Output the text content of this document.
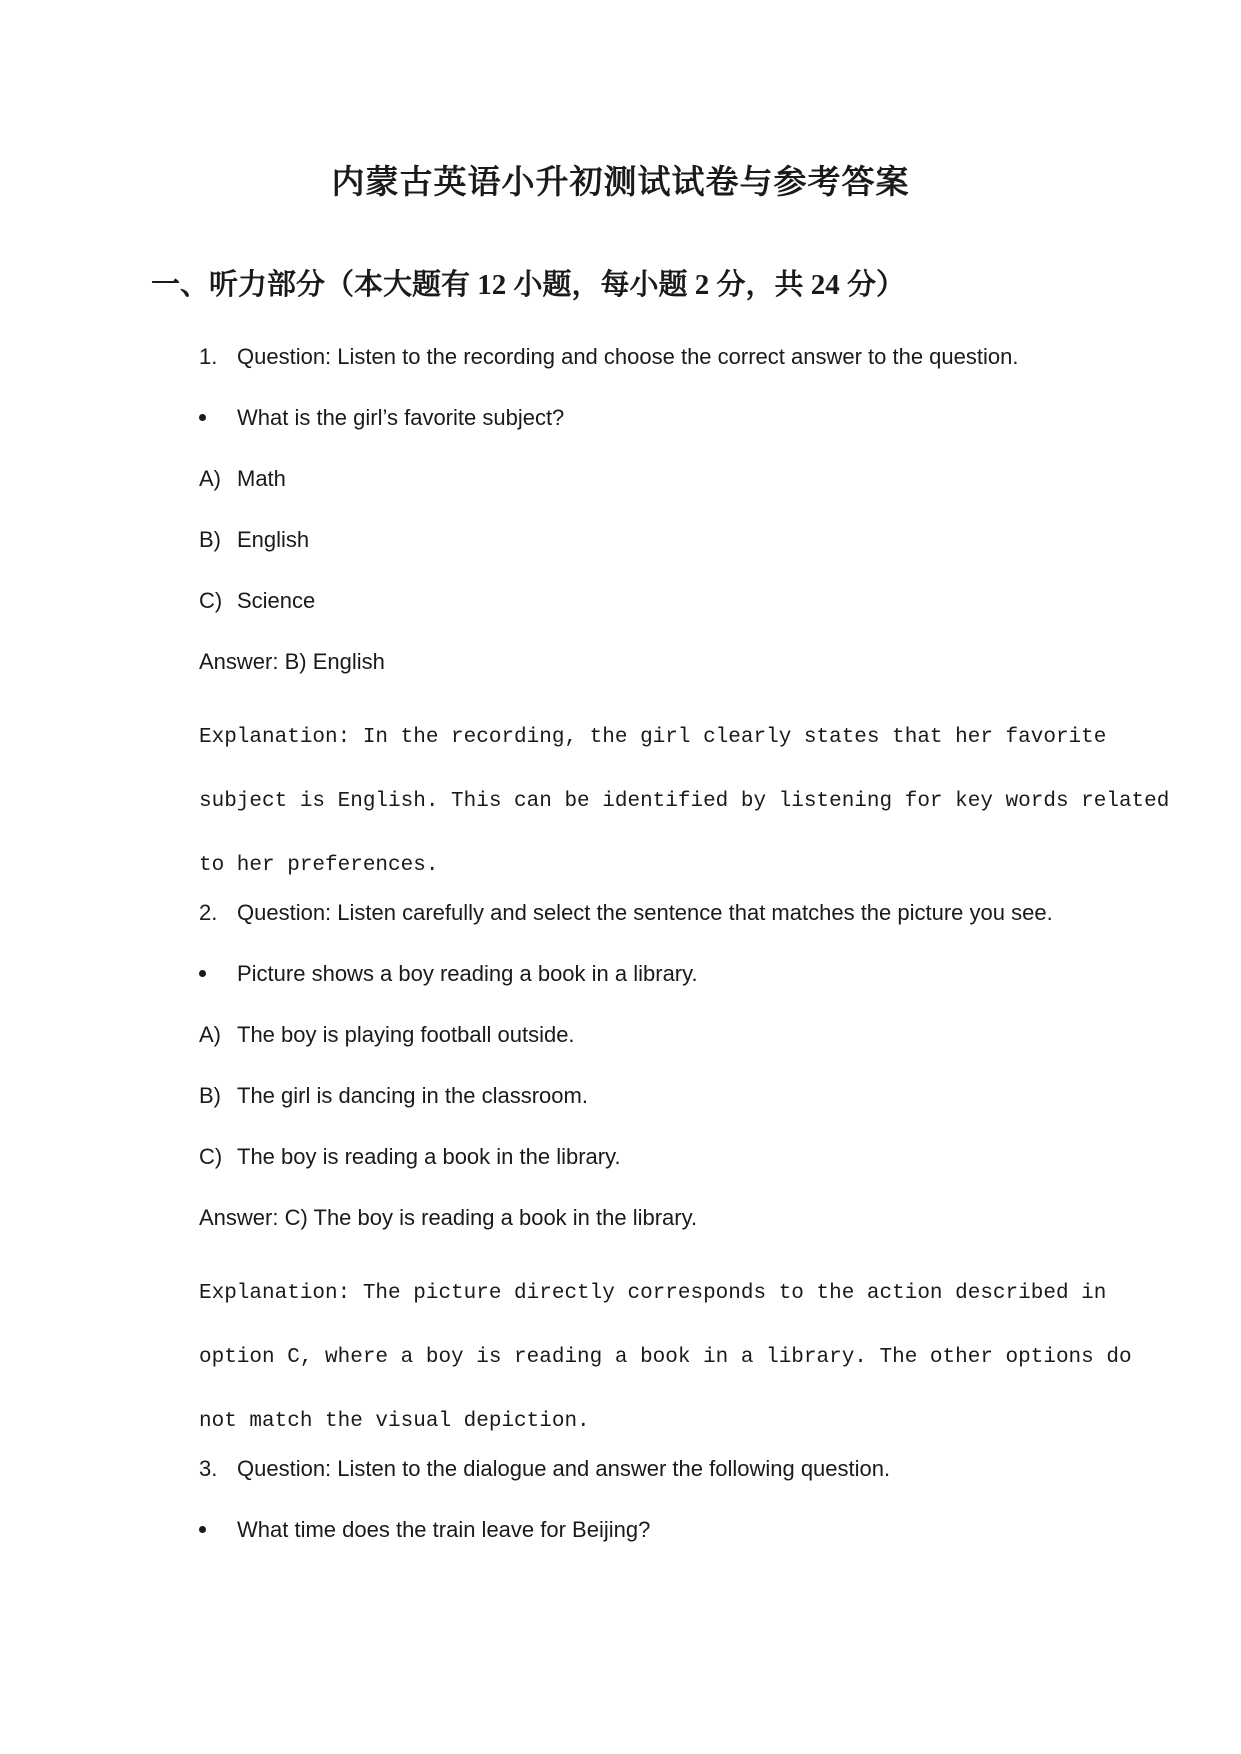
内蒙古英语小升初测试试卷与参考答案
一、听力部分（本大题有 12 小题，每小题 2 分，共 24 分）
1. Question: Listen to the recording and choose the correct answer to the question.
What is the girl’s favorite subject?
A) Math
B) English
C) Science
Answer: B) English
Explanation: In the recording, the girl clearly states that her favorite
subject is English. This can be identified by listening for key words related
to her preferences.
2. Question: Listen carefully and select the sentence that matches the picture you see.
Picture shows a boy reading a book in a library.
A) The boy is playing football outside.
B) The girl is dancing in the classroom.
C) The boy is reading a book in the library.
Answer: C) The boy is reading a book in the library.
Explanation: The picture directly corresponds to the action described in
option C, where a boy is reading a book in a library. The other options do
not match the visual depiction.
3. Question: Listen to the dialogue and answer the following question.
What time does the train leave for Beijing?
